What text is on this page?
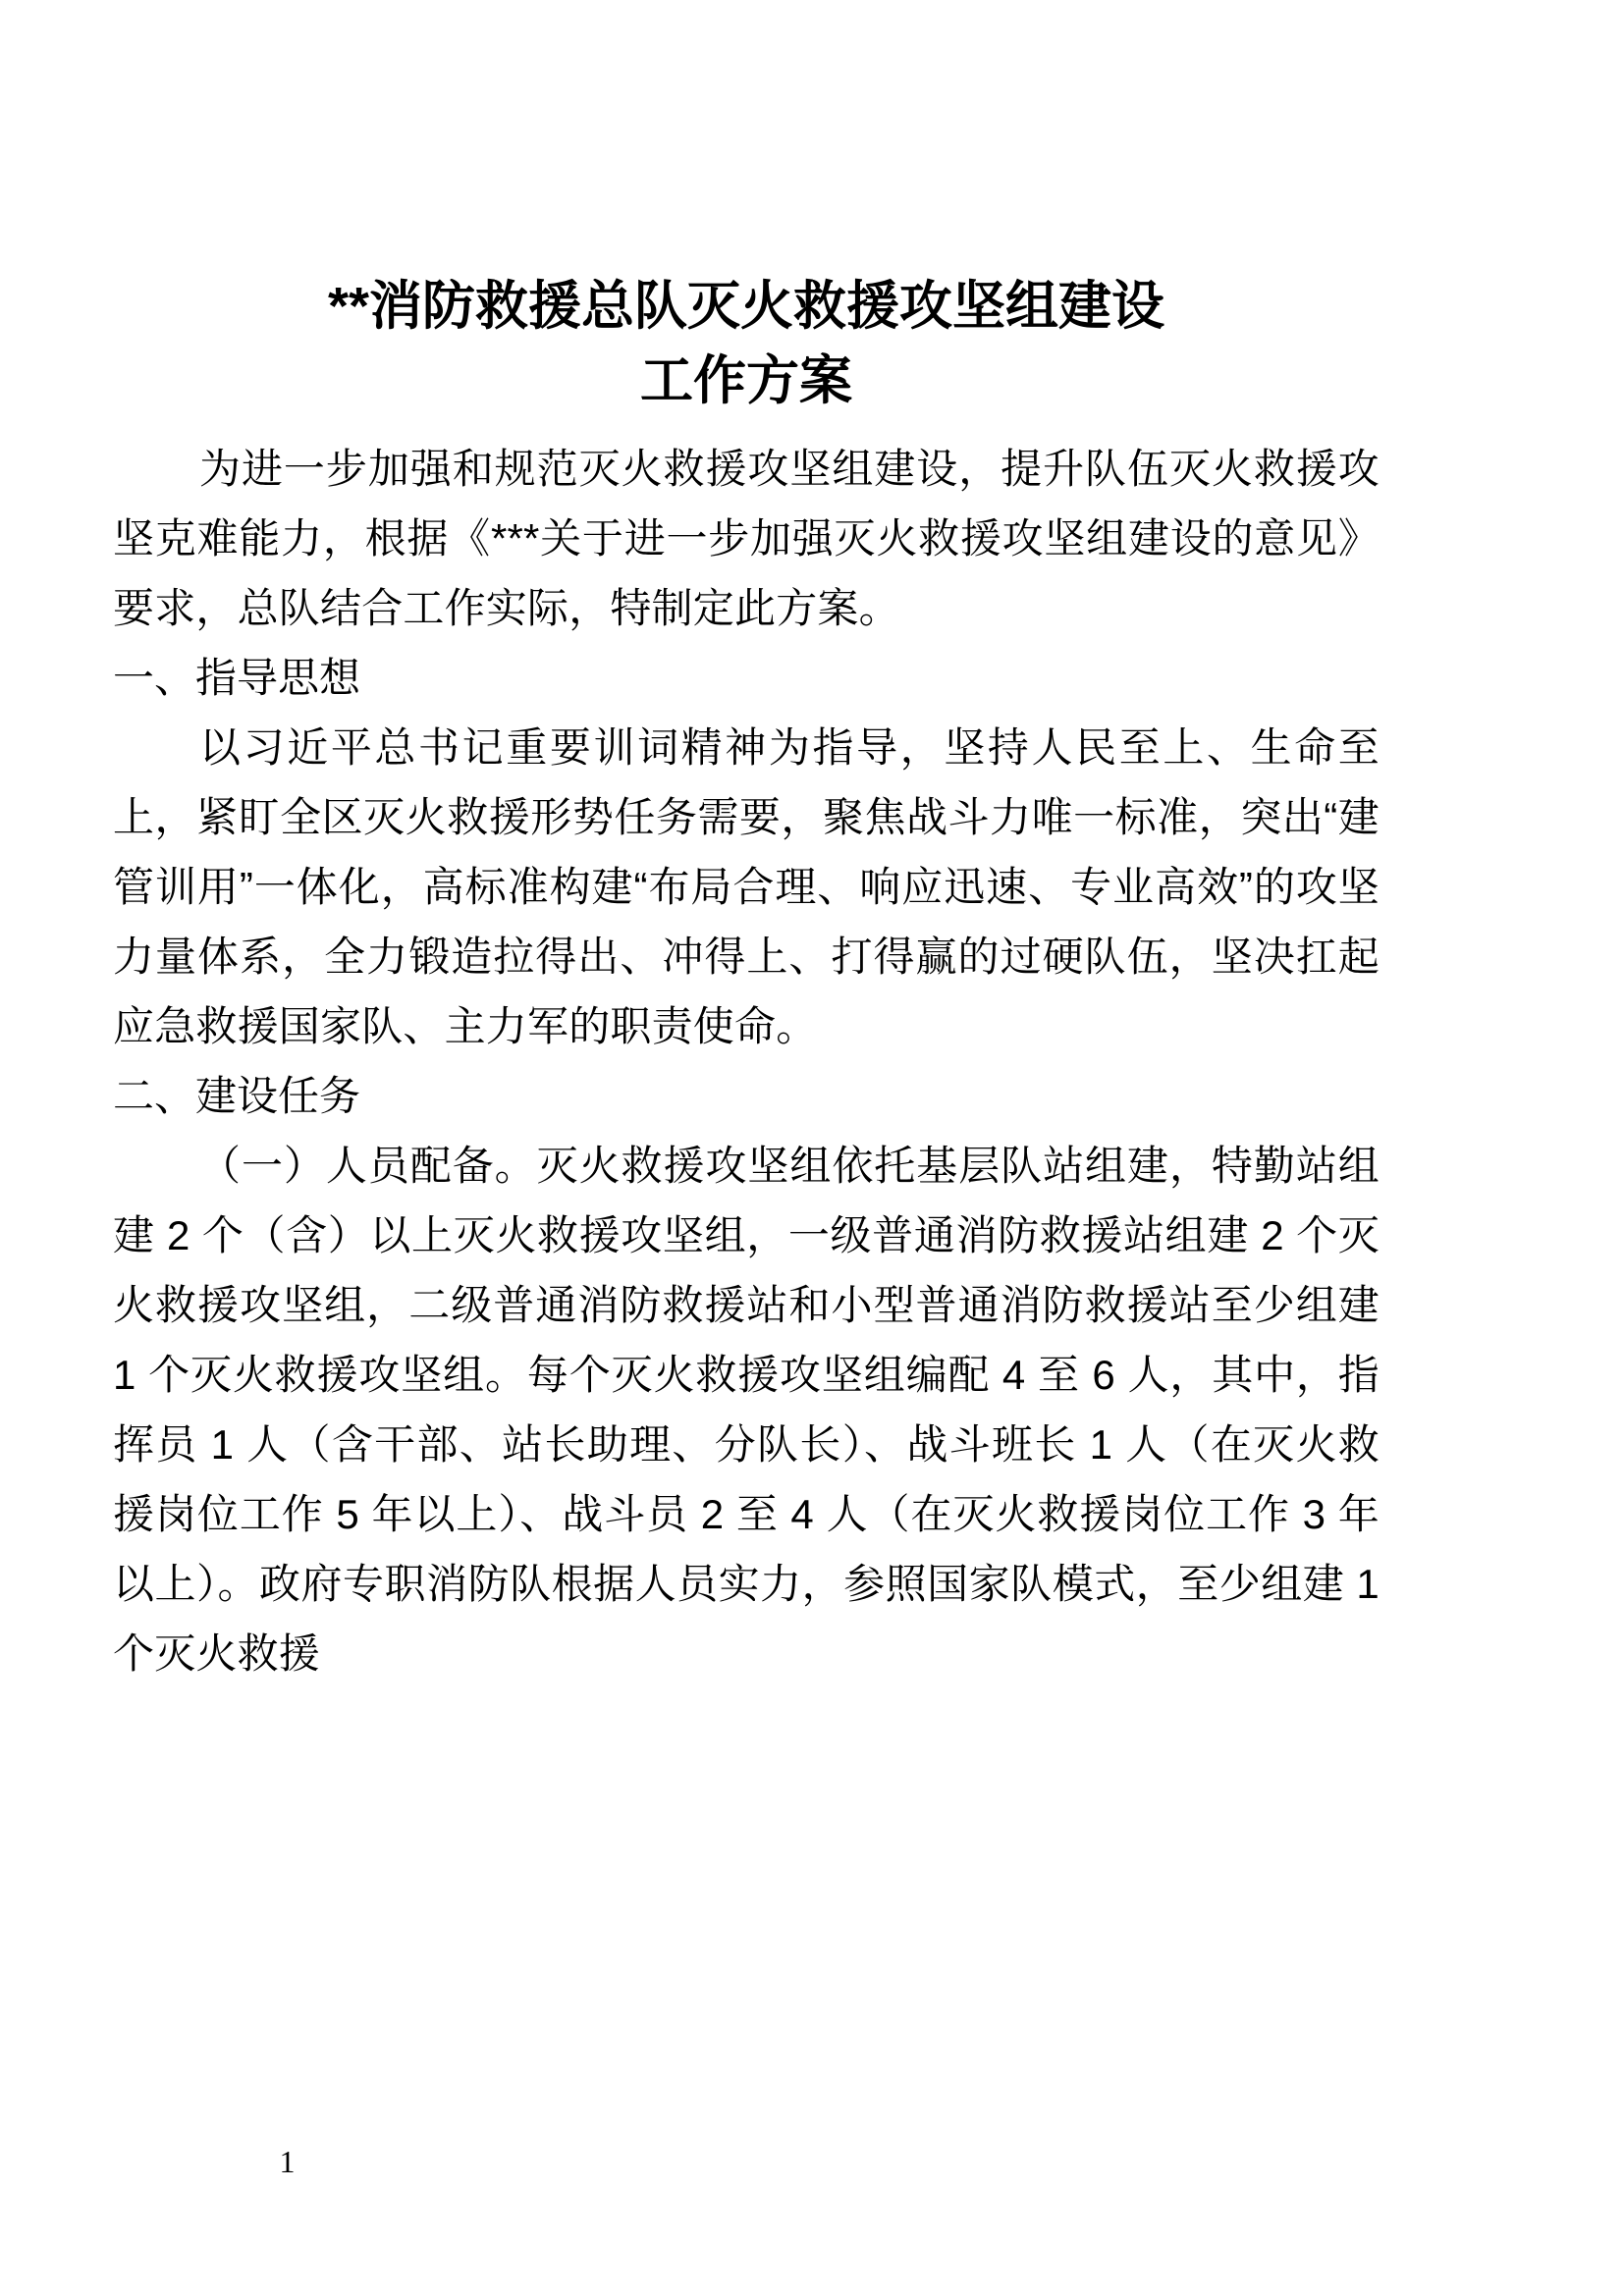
**消防救援总队灭火救援攻坚组建设
工作方案

为进一步加强和规范灭火救援攻坚组建设，提升队伍灭火救援攻坚克难能力，根据《***关于进一步加强灭火救援攻坚组建设的意见》要求，总队结合工作实际，特制定此方案。

一、指导思想

以习近平总书记重要训词精神为指导，坚持人民至上、生命至上，紧盯全区灭火救援形势任务需要，聚焦战斗力唯一标准，突出“建管训用”一体化，高标准构建“布局合理、响应迅速、专业高效”的攻坚力量体系，全力锻造拉得出、冲得上、打得赢的过硬队伍，坚决扛起应急救援国家队、主力军的职责使命。

二、建设任务

（一）人员配备。灭火救援攻坚组依托基层队站组建，特勤站组建 2 个（含）以上灭火救援攻坚组，一级普通消防救援站组建 2 个灭火救援攻坚组，二级普通消防救援站和小型普通消防救援站至少组建 1 个灭火救援攻坚组。每个灭火救援攻坚组编配 4 至 6 人，其中，指挥员 1 人（含干部、站长助理、分队长）、战斗班长 1 人（在灭火救援岗位工作 5 年以上）、战斗员 2 至 4 人（在灭火救援岗位工作 3 年以上）。政府专职消防队根据人员实力，参照国家队模式，至少组建 1 个灭火救援

1
